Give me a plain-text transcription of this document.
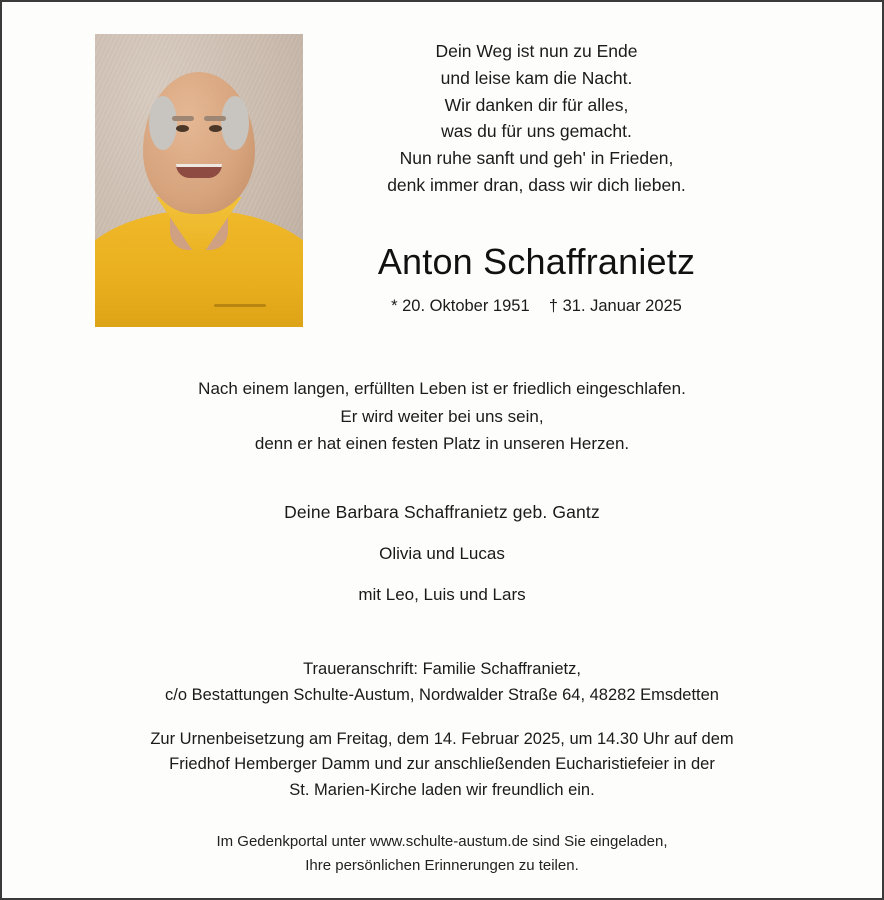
Dein Weg ist nun zu Ende
und leise kam die Nacht.
Wir danken dir für alles,
was du für uns gemacht.
Nun ruhe sanft und geh' in Frieden,
denk immer dran, dass wir dich lieben.
Anton Schaffranietz
* 20. Oktober 1951 † 31. Januar 2025
Nach einem langen, erfüllten Leben ist er friedlich eingeschlafen.
Er wird weiter bei uns sein,
denn er hat einen festen Platz in unseren Herzen.
Deine Barbara Schaffranietz geb. Gantz
Olivia und Lucas
mit Leo, Luis und Lars
Traueranschrift: Familie Schaffranietz,
c/o Bestattungen Schulte-Austum, Nordwalder Straße 64, 48282 Emsdetten
Zur Urnenbeisetzung am Freitag, dem 14. Februar 2025, um 14.30 Uhr auf dem
Friedhof Hemberger Damm und zur anschließenden Eucharistiefeier in der
St. Marien-Kirche laden wir freundlich ein.
Im Gedenkportal unter www.schulte-austum.de sind Sie eingeladen,
Ihre persönlichen Erinnerungen zu teilen.
